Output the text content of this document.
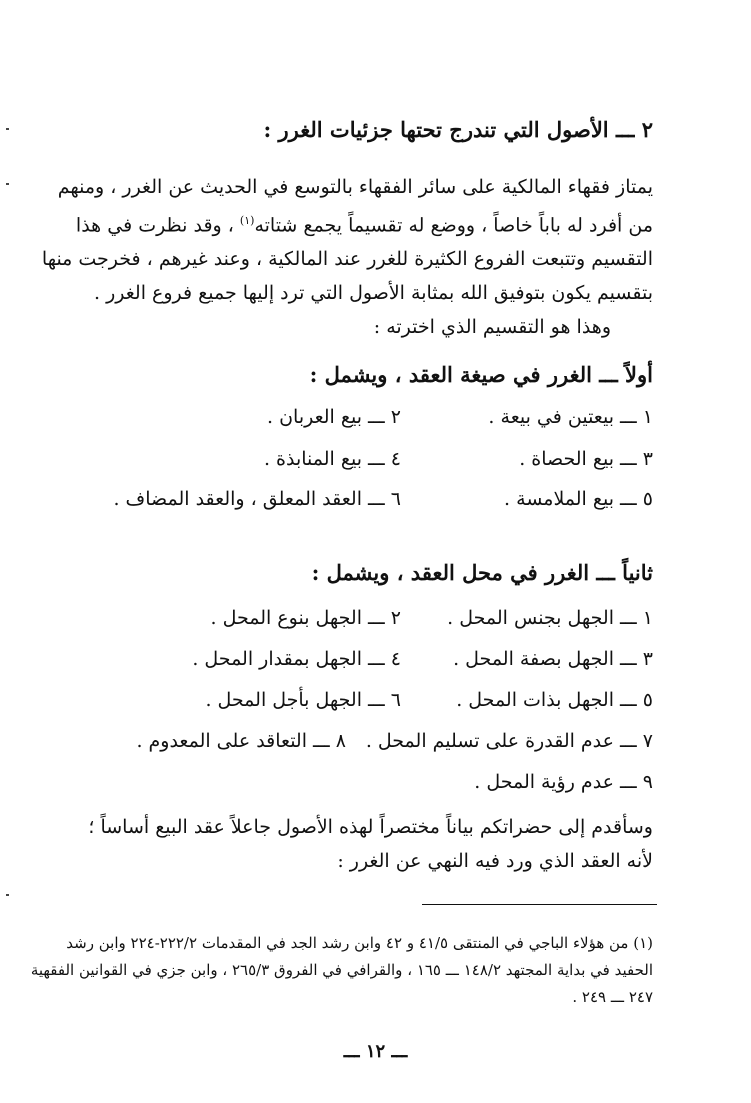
٢ ـــ الأصول التي تندرج تحتها جزئيات الغرر :
يمتاز فقهاء المالكية على سائر الفقهاء بالتوسع في الحديث عن الغرر ، ومنهم
من أفرد له باباً خاصاً ، ووضع له تقسيماً يجمع شتاته$^{(١)}$ ، وقد نظرت في هذا
التقسيم وتتبعت الفروع الكثيرة للغرر عند المالكية ، وعند غيرهم ، فخرجت منها
بتقسيم يكون بتوفيق الله بمثابة الأصول التي ترد إليها جميع فروع الغرر .
وهذا هو التقسيم الذي اخترته :
أولاً ـــ الغرر في صيغة العقد ، ويشمل :
١ ـــ بيعتين في بيعة .
٢ ـــ بيع العربان .
٣ ـــ بيع الحصاة .
٤ ـــ بيع المنابذة .
٥ ـــ بيع الملامسة .
٦ ـــ العقد المعلق ، والعقد المضاف .
ثانياً ـــ الغرر في محل العقد ، ويشمل :
١ ـــ الجهل بجنس المحل .
٢ ـــ الجهل بنوع المحل .
٣ ـــ الجهل بصفة المحل .
٤ ـــ الجهل بمقدار المحل .
٥ ـــ الجهل بذات المحل .
٦ ـــ الجهل بأجل المحل .
٧ ـــ عدم القدرة على تسليم المحل .
٨ ـــ التعاقد على المعدوم .
٩ ـــ عدم رؤية المحل .
وسأقدم إلى حضراتكم بياناً مختصراً لهذه الأصول جاعلاً عقد البيع أساساً ؛
لأنه العقد الذي ورد فيه النهي عن الغرر :
(١) من هؤلاء الباجي في المنتقى ٤١/٥ و ٤٢ وابن رشد الجد في المقدمات ٢٢٢/٢-٢٢٤ وابن رشد
الحفيد في بداية المجتهد ١٤٨/٢ ـــ ١٦٥ ، والقرافي في الفروق ٢٦٥/٣ ، وابن جزي في القوانين الفقهية
٢٤٧ ـــ ٢٤٩ .
ـــ ١٢ ـــ
